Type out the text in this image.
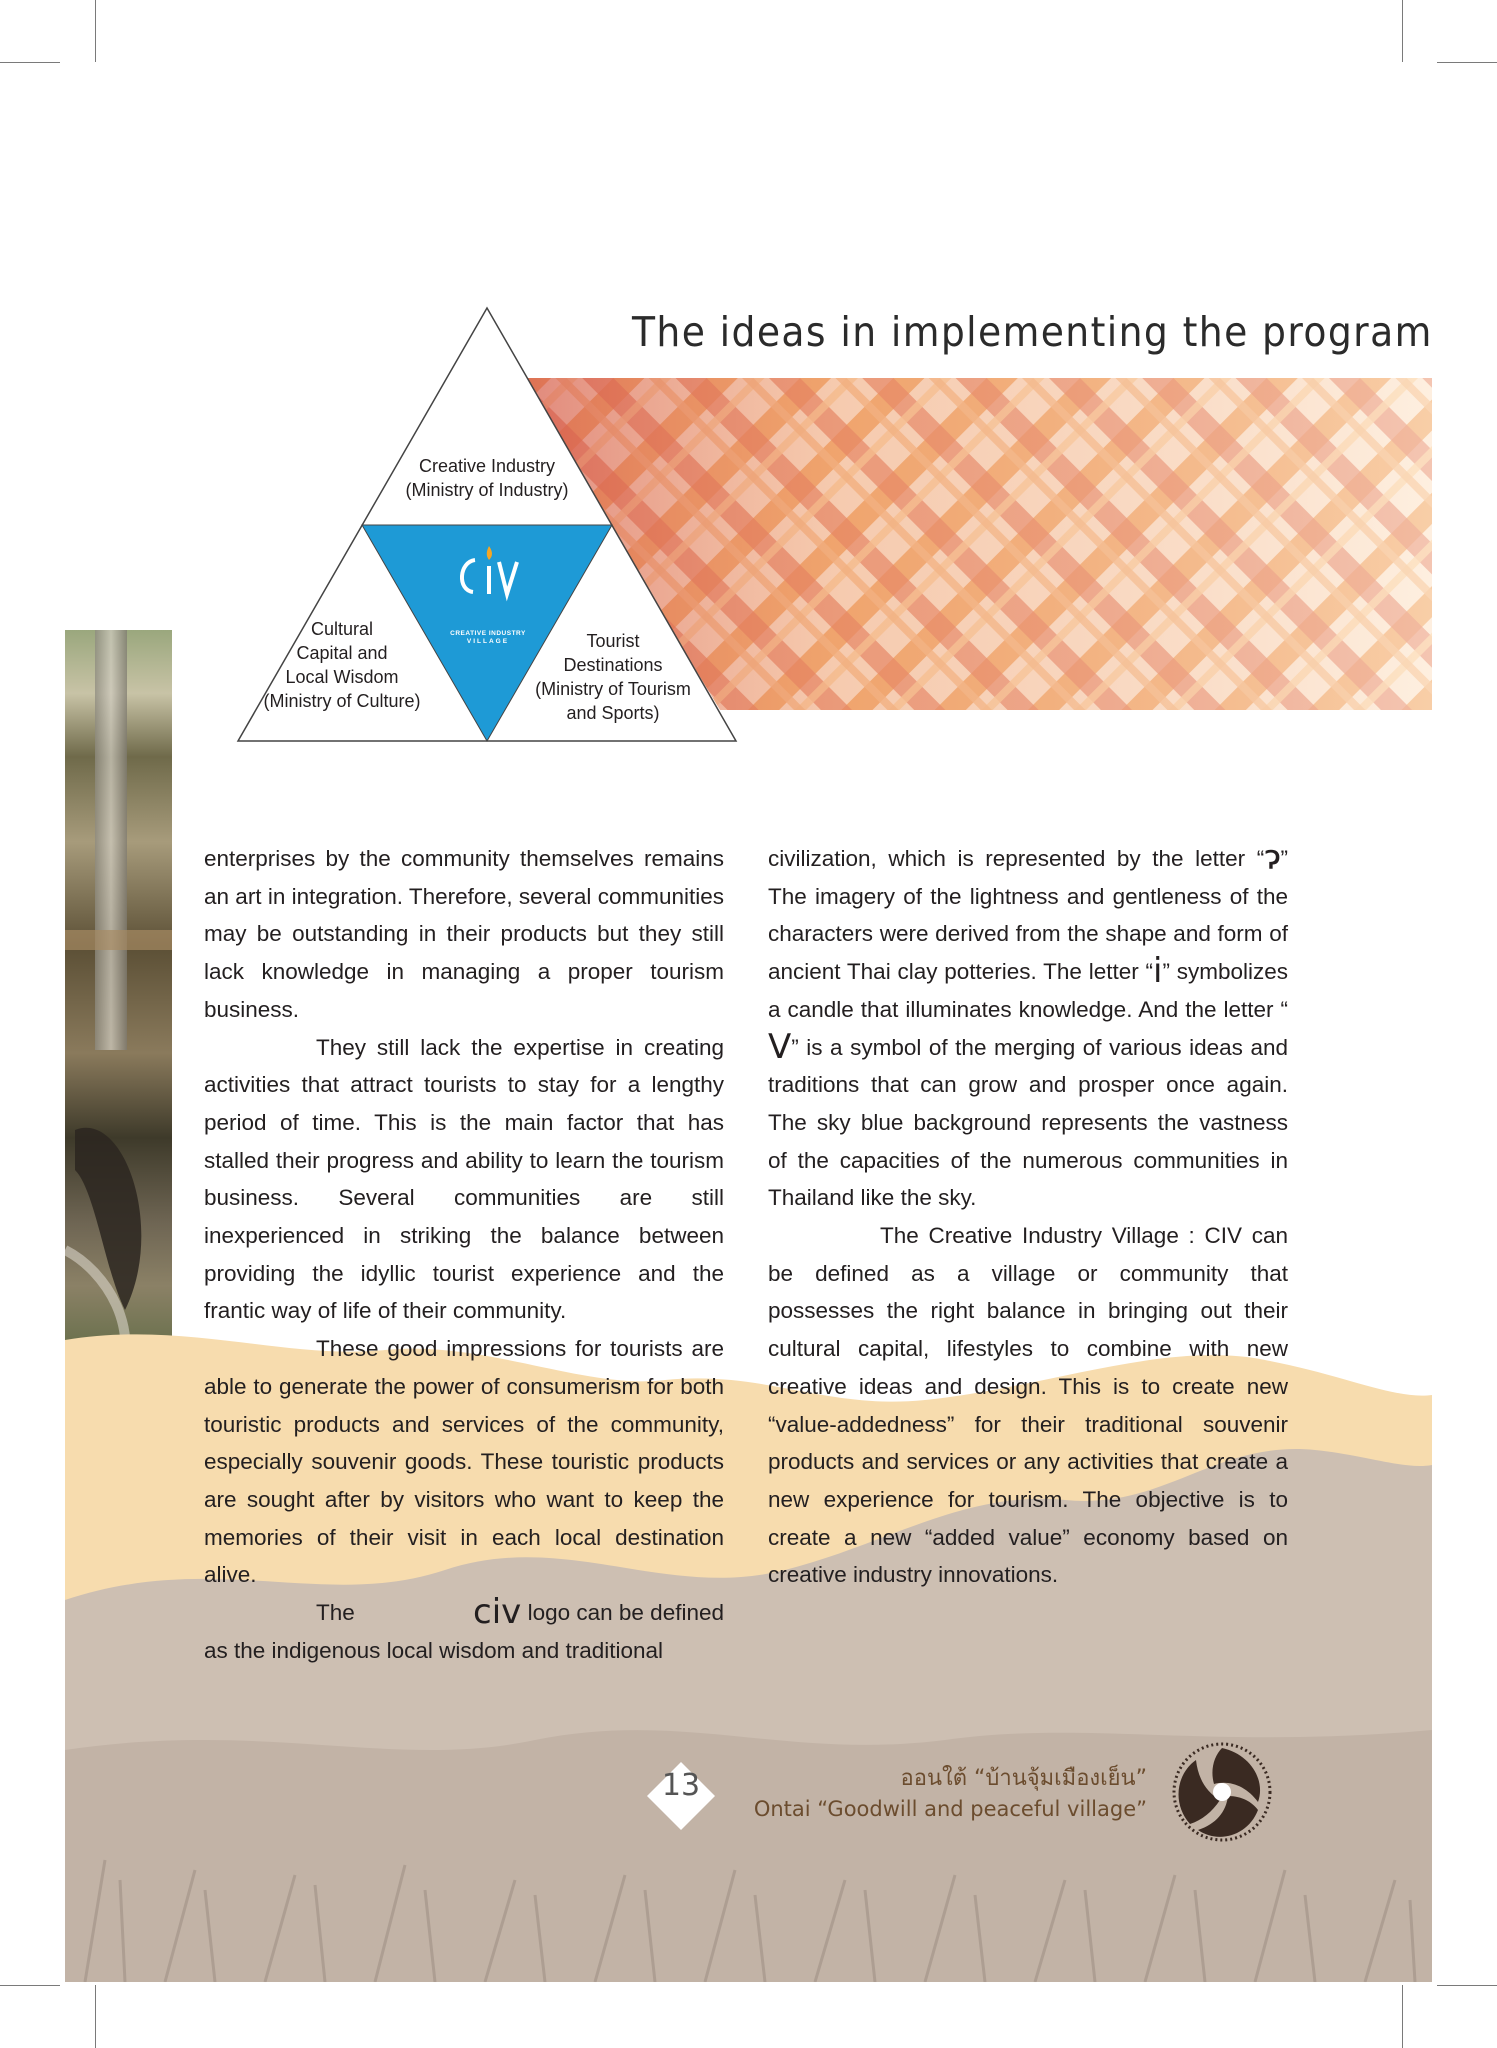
The ideas in implementing the program
CREATIVE INDUSTRY
VILLAGE
Creative Industry
(Ministry of Industry)
Cultural
Capital and
Local Wisdom
(Ministry of Culture)
Tourist
Destinations
(Ministry of Tourism
and Sports)

enterprises by the community themselves remains an art in integration. Therefore, several communities may be outstanding in their products but they still lack knowledge in managing a proper tourism business.

They still lack the expertise in creating activities that attract tourists to stay for a lengthy period of time. This is the main factor that has stalled their progress and ability to learn the tourism business. Several communities are still inexperienced in striking the balance between providing the idyllic tourist experience and the frantic way of life of their community.

These good impressions for tourists are able to generate the power of consumerism for both touristic products and services of the community, especially souvenir goods. These touristic products are sought after by visitors who want to keep the memories of their visit in each local destination alive.

The	civ logo can be defined as the indigenous local wisdom and traditional

civilization, which is represented by the letter “ɂ” The imagery of the lightness and gentleness of the characters were derived from the shape and form of ancient Thai clay potteries. The letter “i” symbolizes a candle that illuminates knowledge. And the letter “V” is a symbol of the merging of various ideas and traditions that can grow and prosper once again. The sky blue background represents the vastness of the capacities of the numerous communities in Thailand like the sky.

The Creative Industry Village : CIV can be defined as a village or community that possesses the right balance in bringing out their cultural capital, lifestyles to combine with new creative ideas and design. This is to create new “value-addedness” for their traditional souvenir products and services or any activities that create a new experience for tourism. The objective is to create a new “added value” economy based on creative industry innovations.

13	ออนใต้ “บ้านจุ้มเมืองเย็น”
Ontai “Goodwill and peaceful village”
